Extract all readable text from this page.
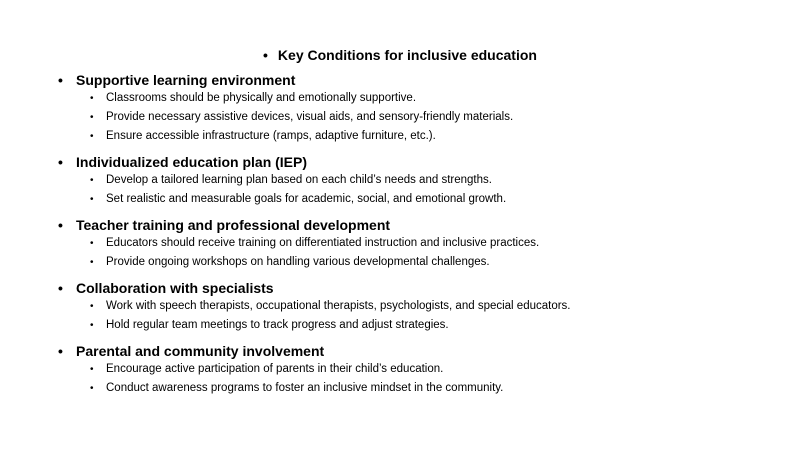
• Key Conditions for inclusive education
• Supportive learning environment
• Classrooms should be physically and emotionally supportive.
• Provide necessary assistive devices, visual aids, and sensory-friendly materials.
• Ensure accessible infrastructure (ramps, adaptive furniture, etc.).
• Individualized education plan (IEP)
• Develop a tailored learning plan based on each child’s needs and strengths.
• Set realistic and measurable goals for academic, social, and emotional growth.
• Teacher training and professional development
• Educators should receive training on differentiated instruction and inclusive practices.
• Provide ongoing workshops on handling various developmental challenges.
• Collaboration with specialists
• Work with speech therapists, occupational therapists, psychologists, and special educators.
• Hold regular team meetings to track progress and adjust strategies.
• Parental and community involvement
• Encourage active participation of parents in their child’s education.
• Conduct awareness programs to foster an inclusive mindset in the community.
